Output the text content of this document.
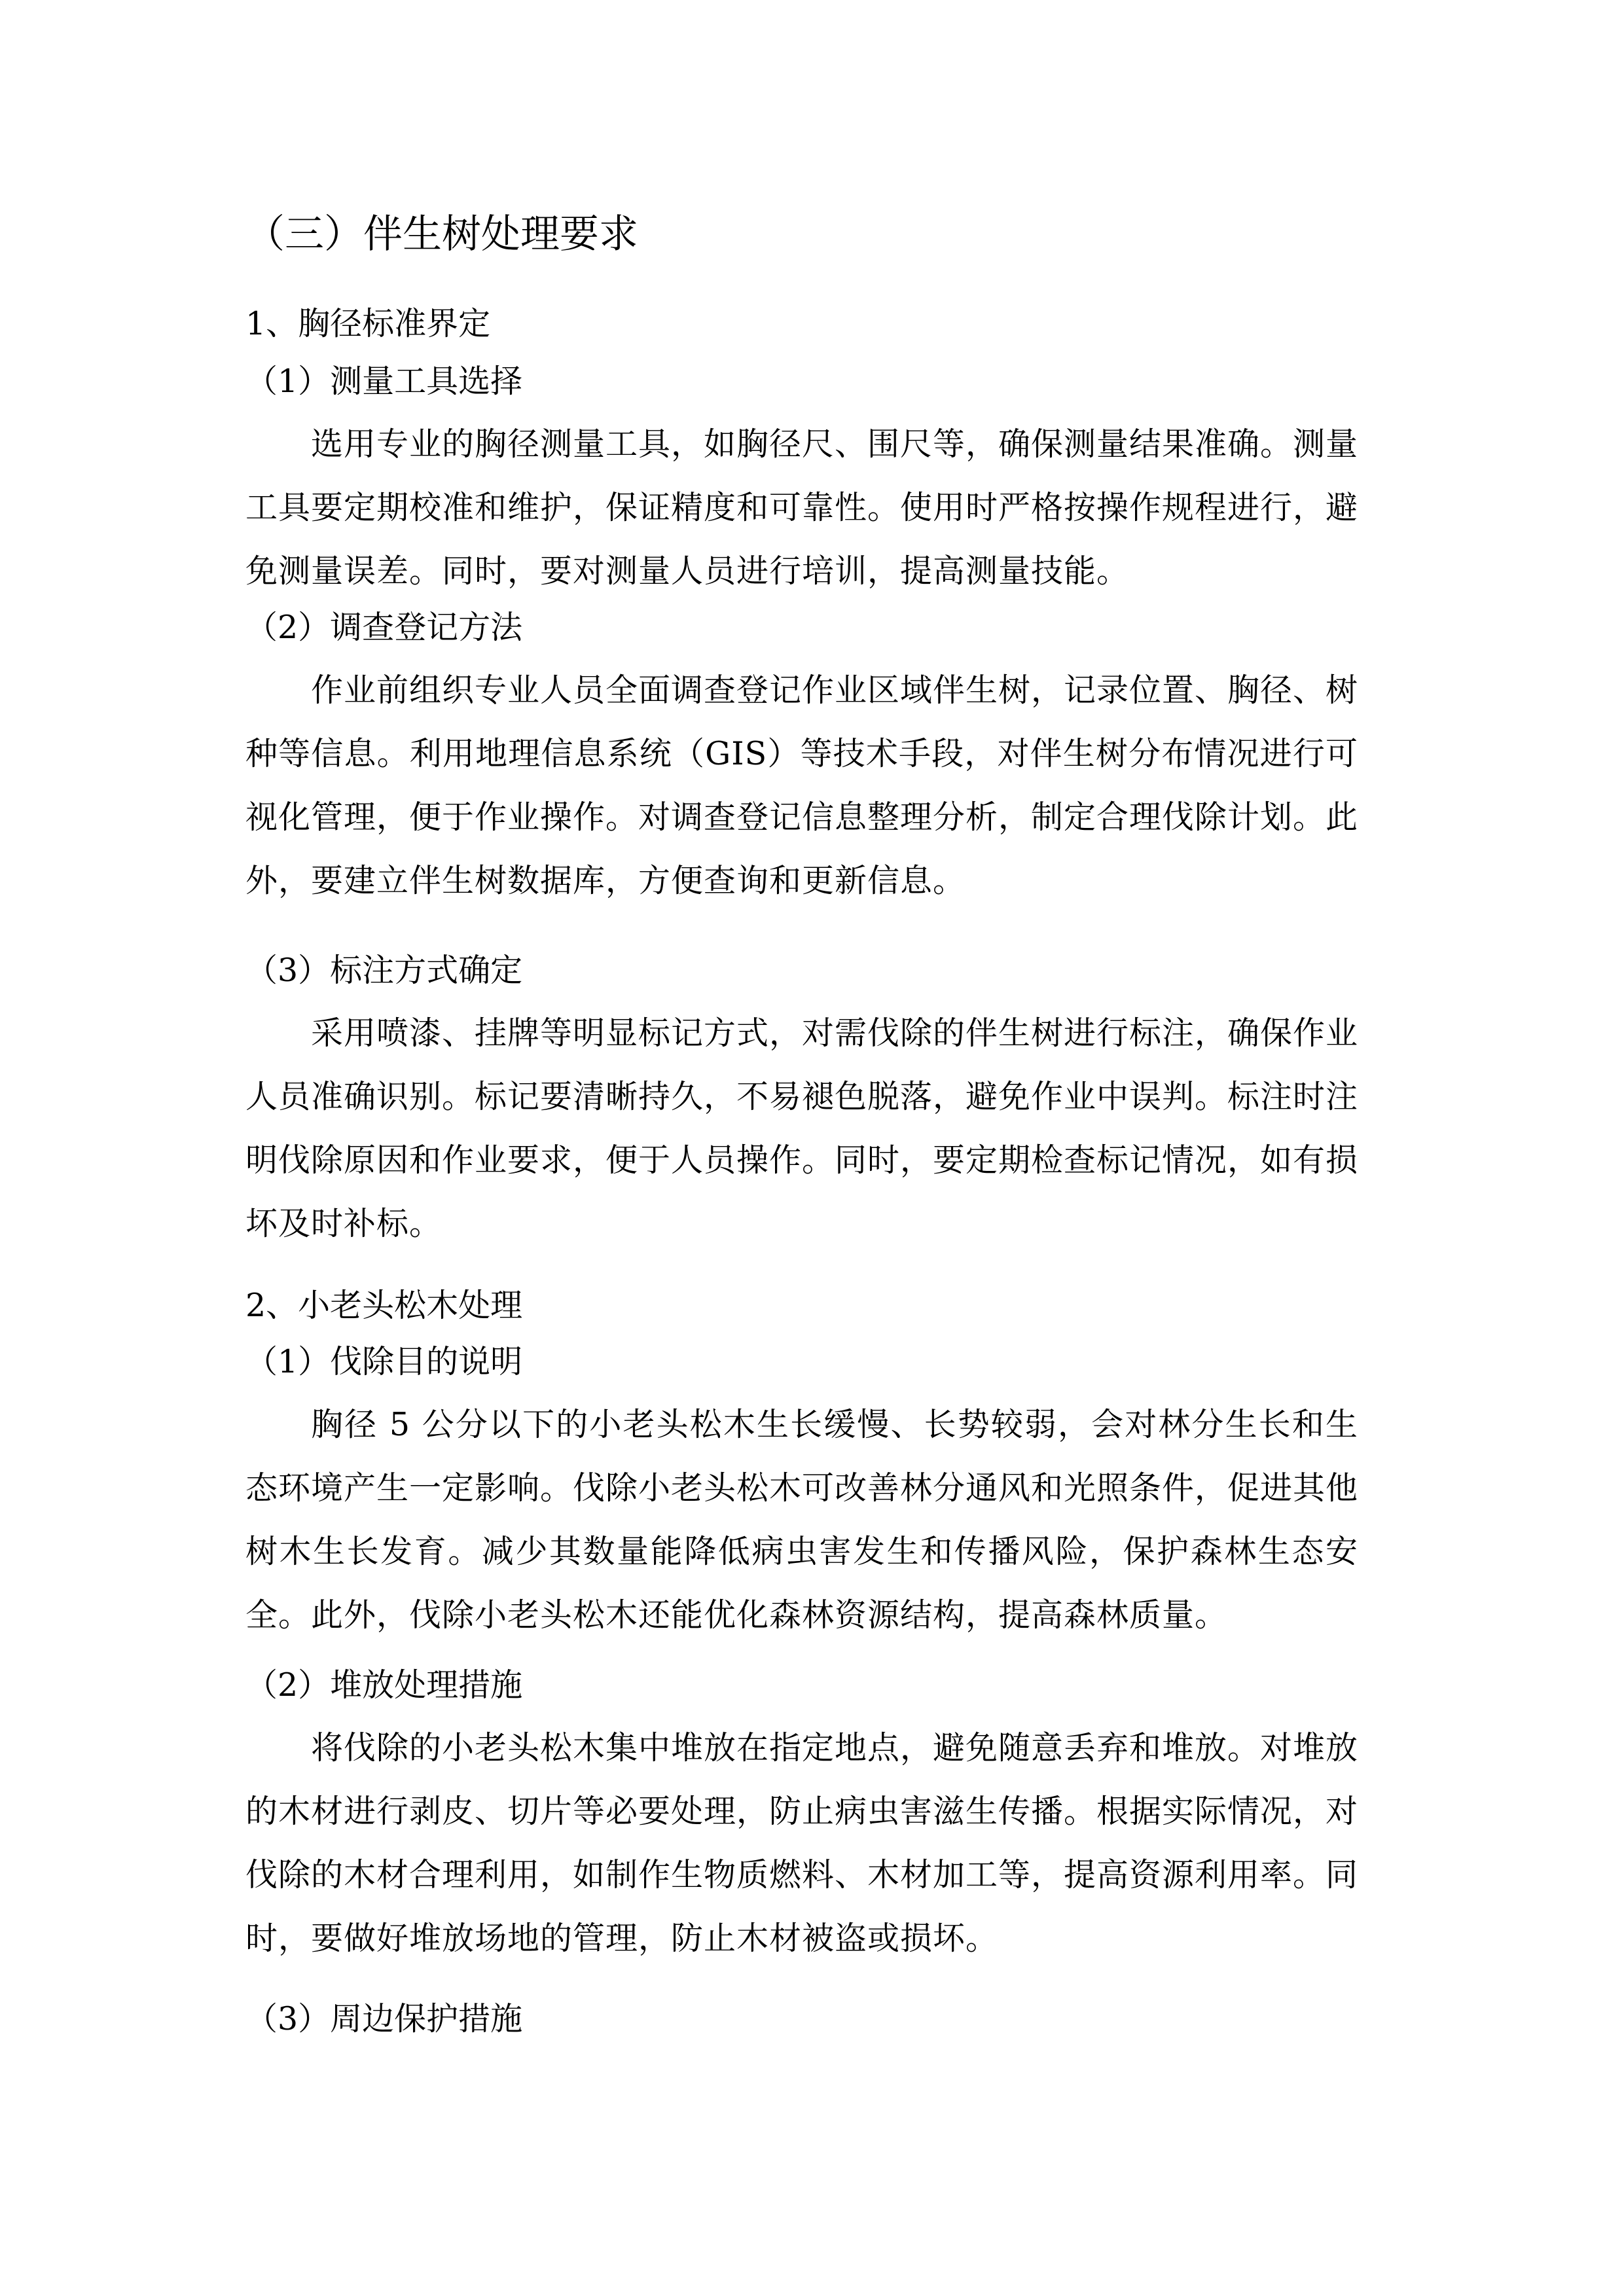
（三）伴生树处理要求
1、胸径标准界定
（1）测量工具选择
选用专业的胸径测量工具，如胸径尺、围尺等，确保测量结果准确。测量工具要定期校准和维护，保证精度和可靠性。使用时严格按操作规程进行，避免测量误差。同时，要对测量人员进行培训，提高测量技能。
（2）调查登记方法
作业前组织专业人员全面调查登记作业区域伴生树，记录位置、胸径、树种等信息。利用地理信息系统（GIS）等技术手段，对伴生树分布情况进行可视化管理，便于作业操作。对调查登记信息整理分析，制定合理伐除计划。此外，要建立伴生树数据库，方便查询和更新信息。
（3）标注方式确定
采用喷漆、挂牌等明显标记方式，对需伐除的伴生树进行标注，确保作业人员准确识别。标记要清晰持久，不易褪色脱落，避免作业中误判。标注时注明伐除原因和作业要求，便于人员操作。同时，要定期检查标记情况，如有损坏及时补标。
2、小老头松木处理
（1）伐除目的说明
胸径 5 公分以下的小老头松木生长缓慢、长势较弱，会对林分生长和生态环境产生一定影响。伐除小老头松木可改善林分通风和光照条件，促进其他树木生长发育。减少其数量能降低病虫害发生和传播风险，保护森林生态安全。此外，伐除小老头松木还能优化森林资源结构，提高森林质量。
（2）堆放处理措施
将伐除的小老头松木集中堆放在指定地点，避免随意丢弃和堆放。对堆放的木材进行剥皮、切片等必要处理，防止病虫害滋生传播。根据实际情况，对伐除的木材合理利用，如制作生物质燃料、木材加工等，提高资源利用率。同时，要做好堆放场地的管理，防止木材被盗或损坏。
（3）周边保护措施
